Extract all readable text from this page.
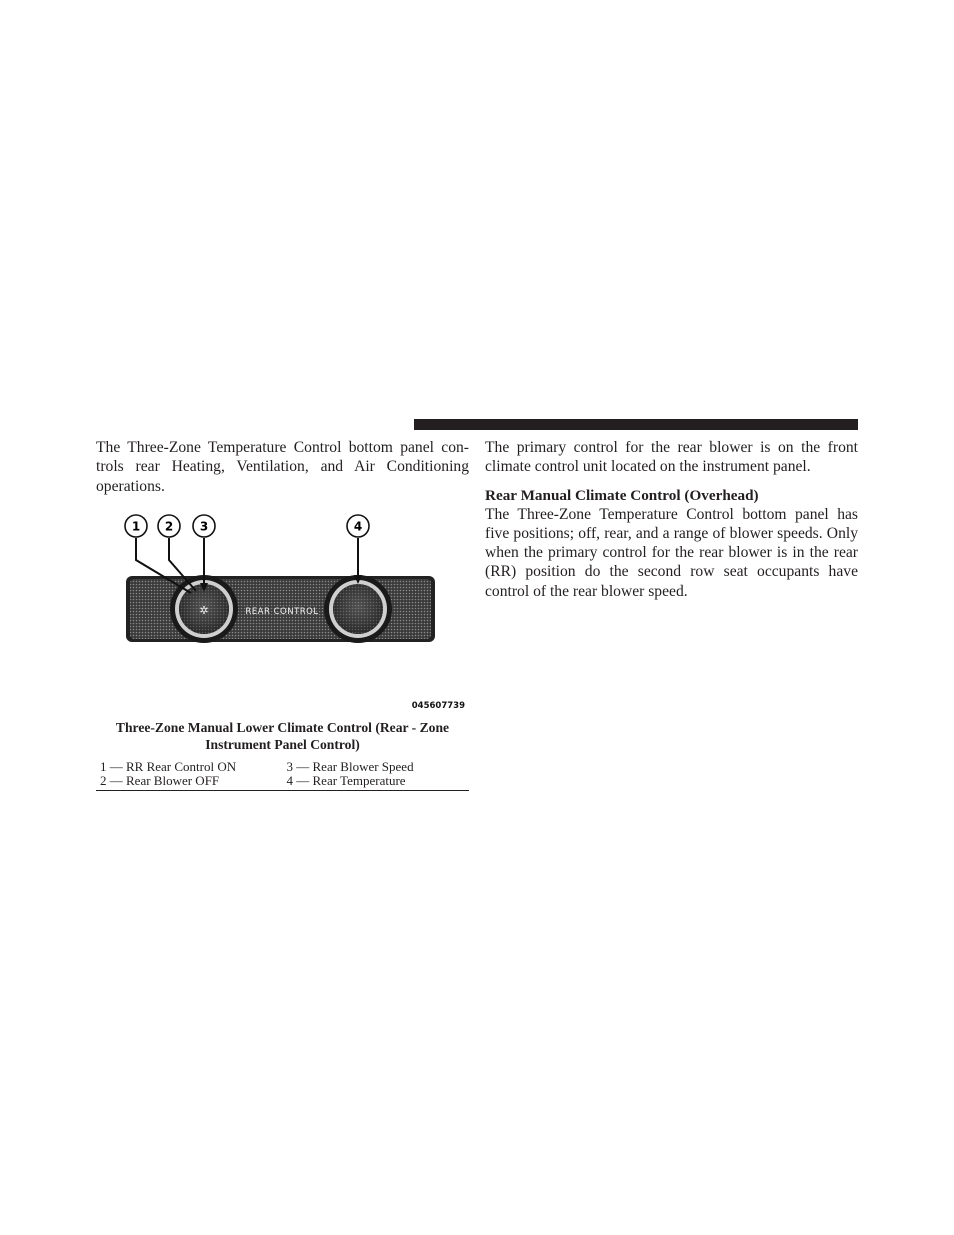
The Three-Zone Temperature Control bottom panel con-trols rear Heating, Ventilation, and Air Conditioning operations.

✲	REAR CONTROL
1 2 3	4
045607739
Three-Zone Manual Lower Climate Control (Rear - Zone Instrument Panel Control)
1 — RR Rear Control ON	3 — Rear Blower Speed
2 — Rear Blower OFF	4 — Rear Temperature

The primary control for the rear blower is on the front climate control unit located on the instrument panel.

Rear Manual Climate Control (Overhead)

The Three-Zone Temperature Control bottom panel has five positions; off, rear, and a range of blower speeds. Only when the primary control for the rear blower is in the rear (RR) position do the second row seat occupants have control of the rear blower speed.
